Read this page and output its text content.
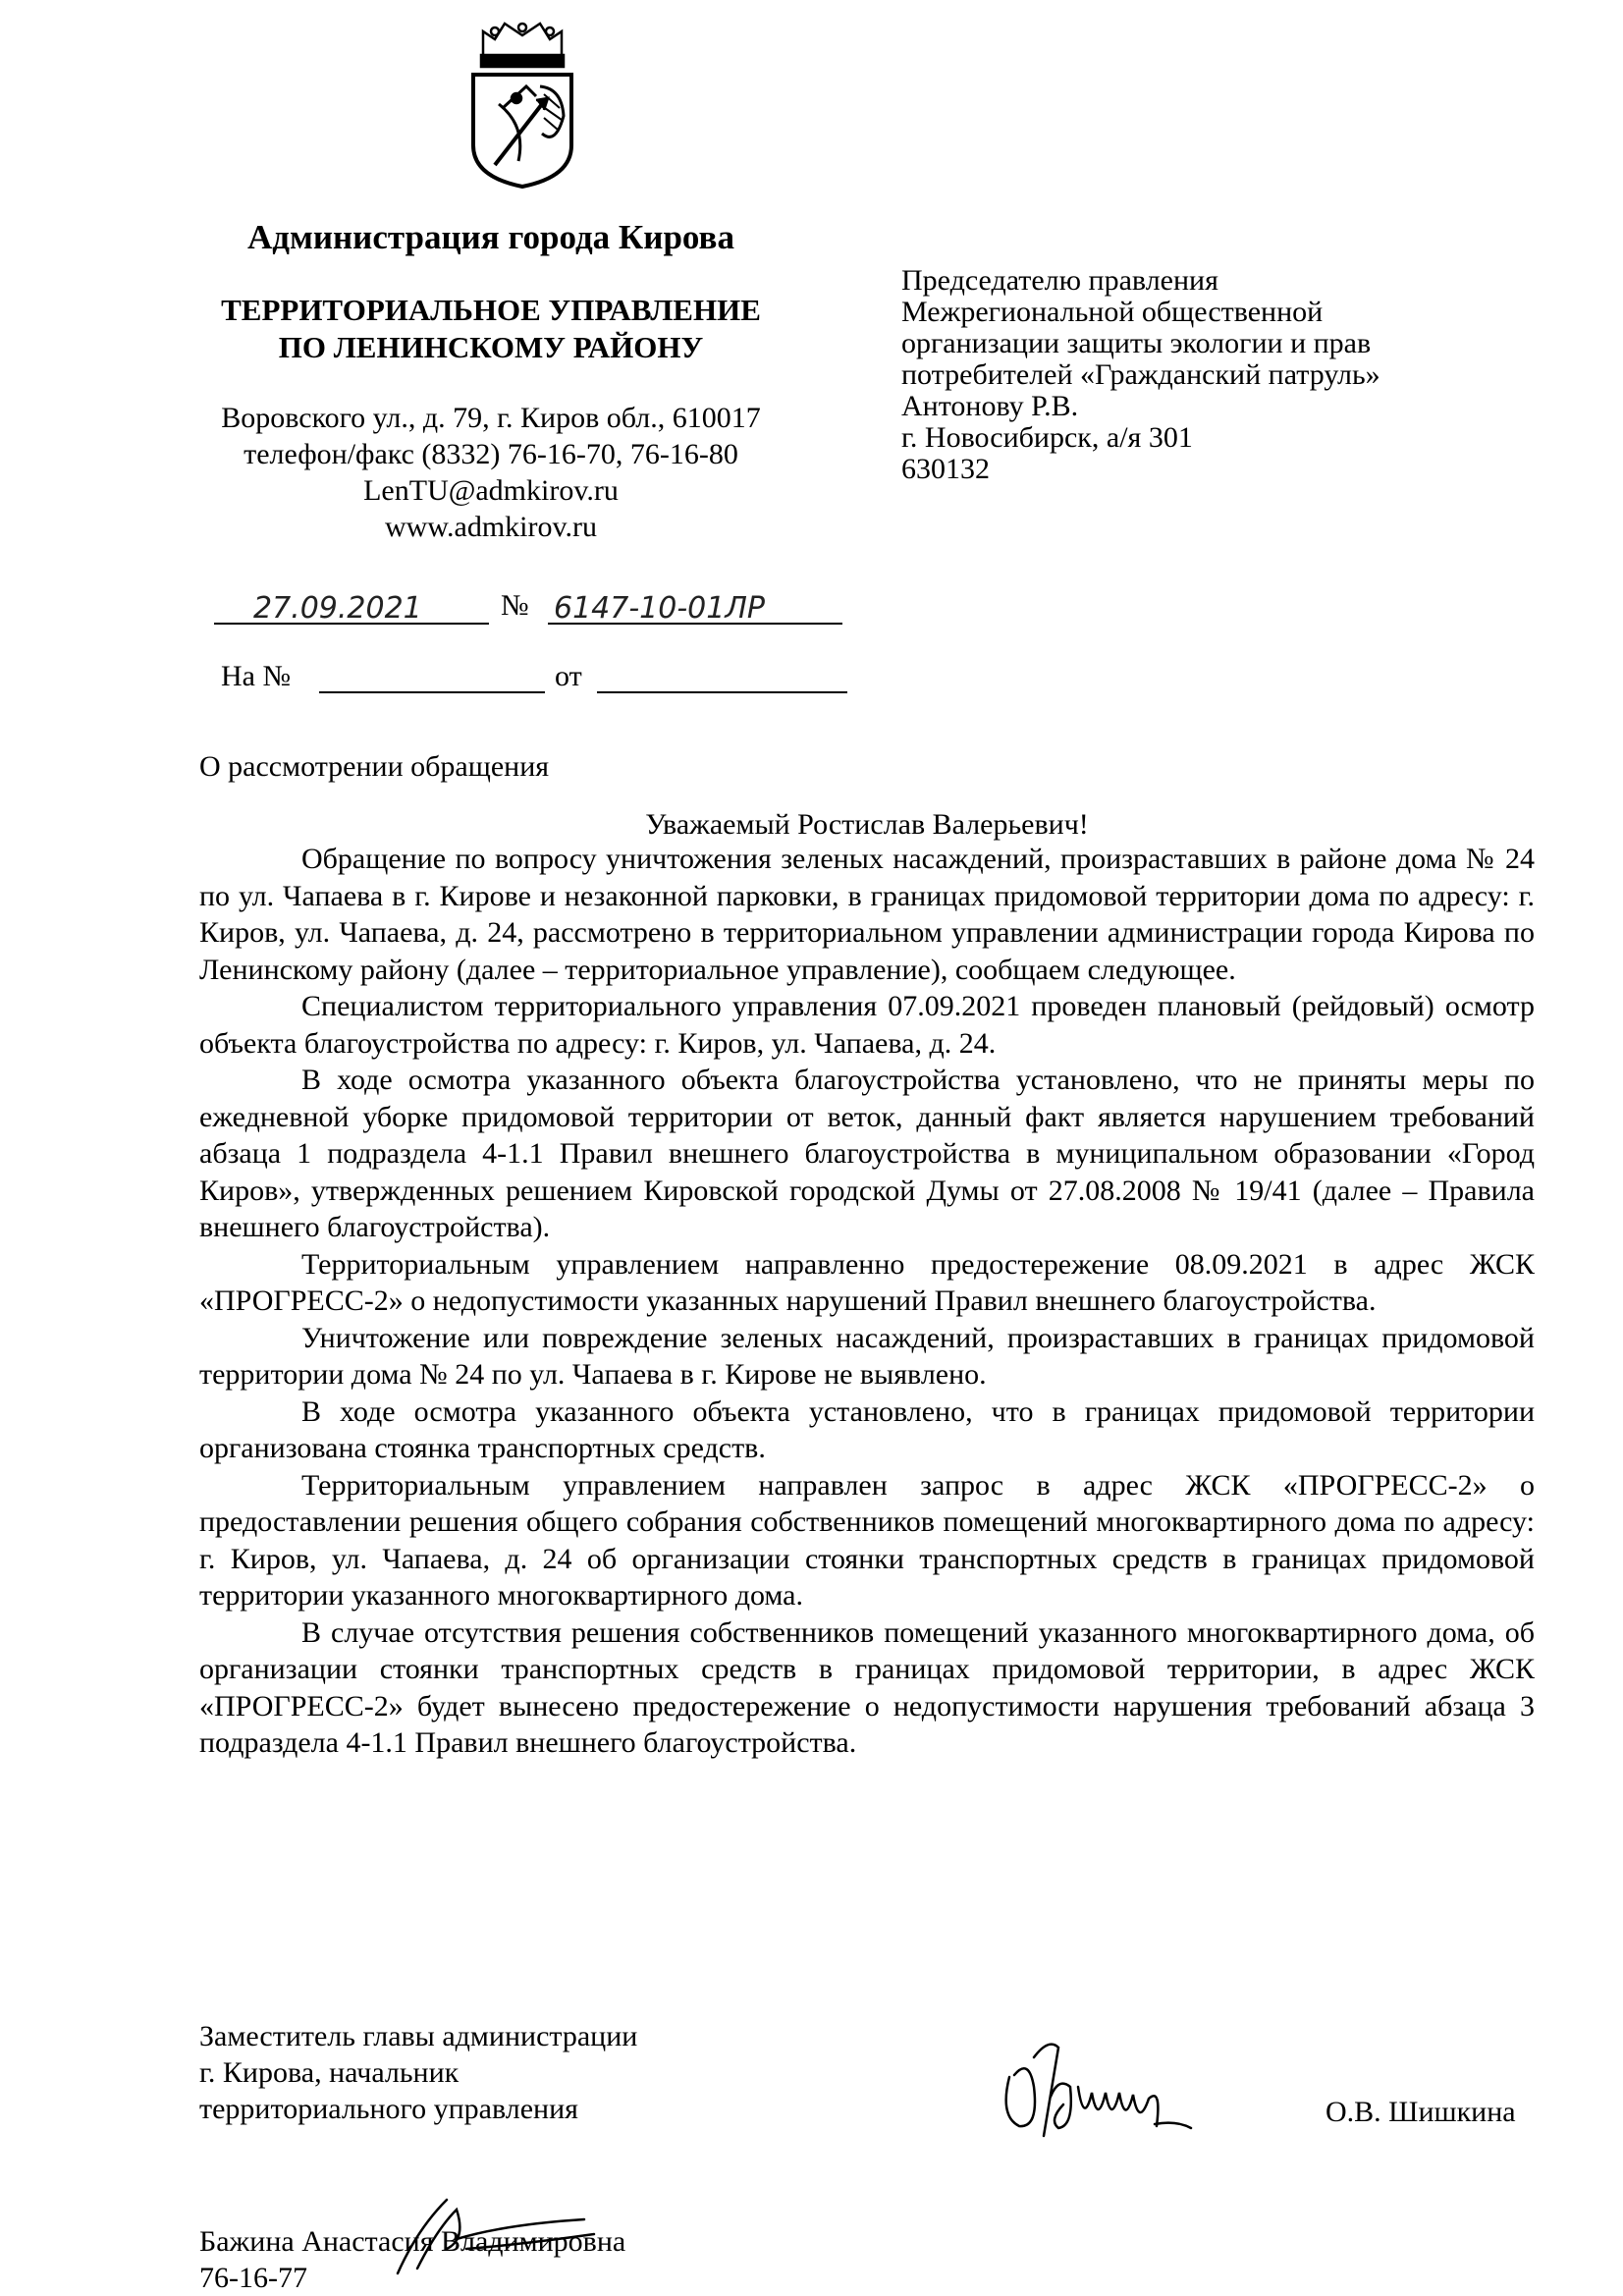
Администрация города Кирова
ТЕРРИТОРИАЛЬНОЕ УПРАВЛЕНИЕ
ПО ЛЕНИНСКОМУ РАЙОНУ
Воровского ул., д. 79, г. Киров обл., 610017
телефон/факс (8332) 76-16-70, 76-16-80
LenTU@admkirov.ru
www.admkirov.ru
Председателю правления
Межрегиональной общественной
организации защиты экологии и прав
потребителей «Гражданский патруль»
Антонову Р.В.
г. Новосибирск, а/я 301
630132
27.09.2021	№ 6147-10-01ЛР
На №	от
О рассмотрении обращения
Уважаемый Ростислав Валерьевич!

Обращение по вопросу уничтожения зеленых насаждений, произраставших в районе дома № 24 по ул. Чапаева в г. Кирове и незаконной парковки, в границах придомовой территории дома по адресу: г. Киров, ул. Чапаева, д. 24, рассмотрено в территориальном управлении администрации города Кирова по Ленинскому району (далее – территориальное управление), сообщаем следующее.

Специалистом территориального управления 07.09.2021 проведен плановый (рейдовый) осмотр объекта благоустройства по адресу: г. Киров, ул. Чапаева, д. 24.

В ходе осмотра указанного объекта благоустройства установлено, что не приняты меры по ежедневной уборке придомовой территории от веток, данный факт является нарушением требований абзаца 1 подраздела 4-1.1 Правил внешнего благоустройства в муниципальном образовании «Город Киров», утвержденных решением Кировской городской Думы от 27.08.2008 № 19/41 (далее – Правила внешнего благоустройства).

Территориальным управлением направленно предостережение 08.09.2021 в адрес ЖСК «ПРОГРЕСС-2» о недопустимости указанных нарушений Правил внешнего благоустройства.

Уничтожение или повреждение зеленых насаждений, произраставших в границах придомовой территории дома № 24 по ул. Чапаева в г. Кирове не выявлено.

В ходе осмотра указанного объекта установлено, что в границах придомовой территории организована стоянка транспортных средств.

Территориальным управлением направлен запрос в адрес ЖСК «ПРОГРЕСС-2» о предоставлении решения общего собрания собственников помещений многоквартирного дома по адресу: г. Киров, ул. Чапаева, д. 24 об организации стоянки транспортных средств в границах придомовой территории указанного многоквартирного дома.

В случае отсутствия решения собственников помещений указанного многоквартирного дома, об организации стоянки транспортных средств в границах придомовой территории, в адрес ЖСК «ПРОГРЕСС-2» будет вынесено предостережение о недопустимости нарушения требований абзаца 3 подраздела 4-1.1 Правил внешнего благоустройства.

Заместитель главы администрации
г. Кирова, начальник
территориального управления	О.В. Шишкина
Бажина Анастасия Владимировна
76-16-77
